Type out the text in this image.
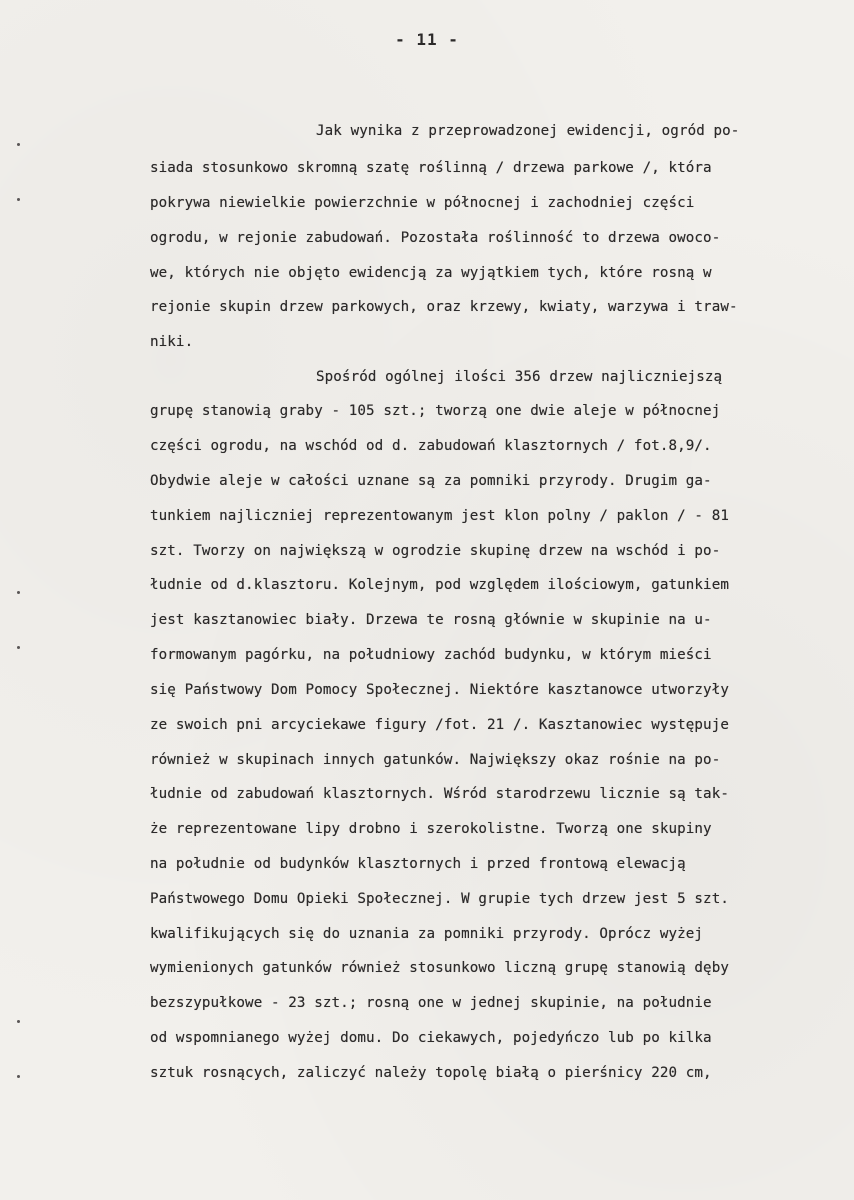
- 11 -

Jak wynika z przeprowadzonej ewidencji, ogród po-

siada stosunkowo skromną szatę roślinną / drzewa parkowe /, która

pokrywa niewielkie powierzchnie w północnej i zachodniej części

ogrodu, w rejonie zabudowań. Pozostała roślinność to drzewa owoco-

we, których nie objęto ewidencją za wyjątkiem tych, które rosną w

rejonie skupin drzew parkowych, oraz krzewy, kwiaty, warzywa i traw-

niki.

Spośród ogólnej ilości 356 drzew najliczniejszą

grupę stanowią graby - 105 szt.; tworzą one dwie aleje w północnej

części ogrodu, na wschód od d. zabudowań klasztornych / fot.8,9/.

Obydwie aleje w całości uznane są za pomniki przyrody. Drugim ga-

tunkiem najliczniej reprezentowanym jest klon polny / paklon / - 81

szt. Tworzy on największą w ogrodzie skupinę drzew na wschód i po-

łudnie od d.klasztoru. Kolejnym, pod względem ilościowym, gatunkiem

jest kasztanowiec biały. Drzewa te rosną głównie w skupinie na u-

formowanym pagórku, na południowy zachód budynku, w którym mieści

się Państwowy Dom Pomocy Społecznej. Niektóre kasztanowce utworzyły

ze swoich pni arcyciekawe figury /fot. 21 /. Kasztanowiec występuje

również w skupinach innych gatunków. Największy okaz rośnie na po-

łudnie od zabudowań klasztornych. Wśród starodrzewu licznie są tak-

że reprezentowane lipy drobno i szerokolistne. Tworzą one skupiny

na południe od budynków klasztornych i przed frontową elewacją

Państwowego Domu Opieki Społecznej. W grupie tych drzew jest 5 szt.

kwalifikujących się do uznania za pomniki przyrody. Oprócz wyżej

wymienionych gatunków również stosunkowo liczną grupę stanowią dęby

bezszypułkowe - 23 szt.; rosną one w jednej skupinie, na południe

od wspomnianego wyżej domu. Do ciekawych, pojedyńczo lub po kilka

sztuk rosnących, zaliczyć należy topolę białą o pierśnicy 220 cm,
